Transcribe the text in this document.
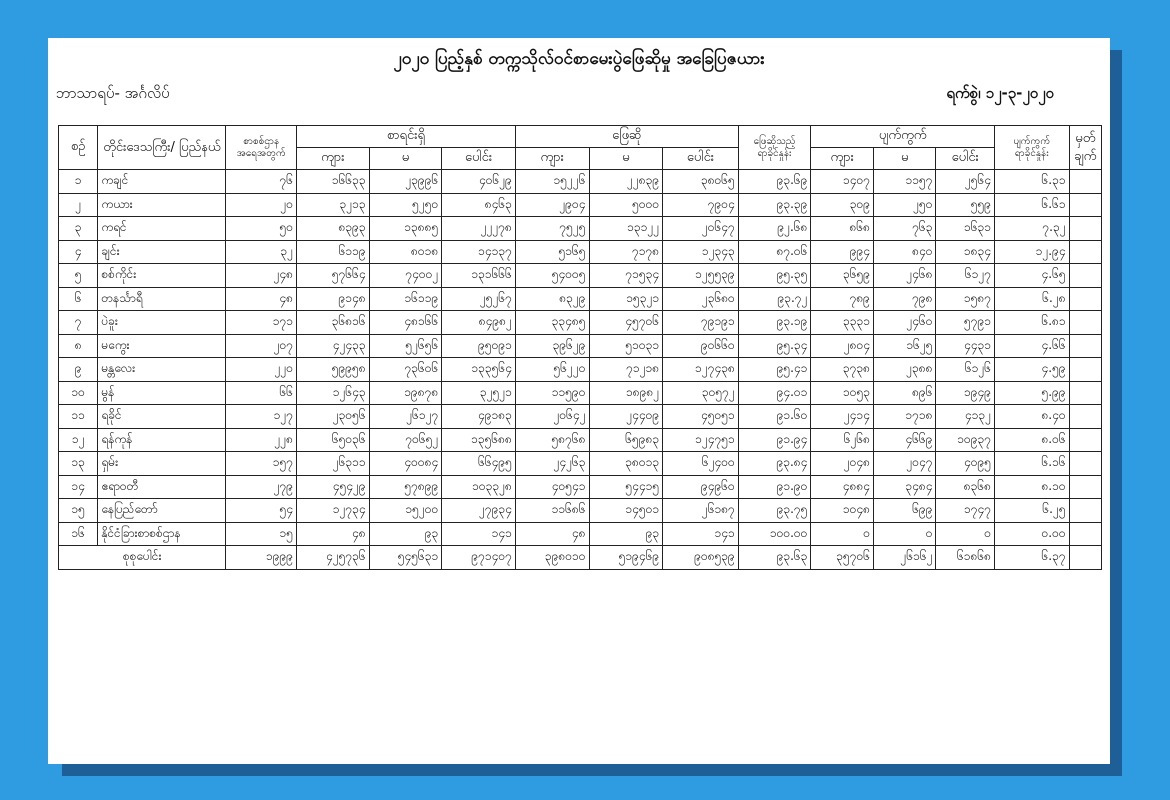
၂၀၂၀ ပြည့်နှစ် တက္ကသိုလ်ဝင်စာမေးပွဲဖြေဆိုမှု အခြေပြဇယား
ဘာသာရပ်- အင်္ဂလိပ်	ရက်စွဲ၊ ၁၂-၃-၂၀၂၀
စဉ်	တိုင်းဒေသကြီး/ ပြည်နယ်	စာစစ်ဌာန အရေအတွက်	စာရင်းရှိ			ဖြေဆို			ဖြေဆိုသည့် ရာခိုင်နှုန်း	ပျက်ကွက်			ပျက်ကွက် ရာခိုင်နှုန်း	မှတ် ချက်
			ကျား	မ	ပေါင်း	ကျား	မ	ပေါင်း		ကျား	မ	ပေါင်း		
၁	ကချင်	၇၆	၁၆၆၃၃	၂၃၉၉၆	၄၀၆၂၉	၁၅၂၂၆	၂၂၈၃၉	၃၈၀၆၅	၉၃.၆၉	၁၄၀၇	၁၁၅၇	၂၅၆၄	၆.၃၁	
၂	ကယား	၂၀	၃၂၁၃	၅၂၅၀	၈၄၆၃	၂၉၀၄	၅၀၀၀	၇၉၀၄	၉၃.၃၉	၃၀၉	၂၅၀	၅၅၉	၆.၆၁	
၃	ကရင်	၅၀	၈၃၉၃	၁၃၈၈၅	၂၂၂၇၈	၇၅၂၅	၁၃၁၂၂	၂၀၆၄၇	၉၂.၆၈	၈၆၈	၇၆၃	၁၆၃၁	၇.၃၂	
၄	ချင်း	၃၂	၆၁၁၉	၈၀၁၈	၁၄၁၃၇	၅၁၆၅	၇၁၇၈	၁၂၃၄၃	၈၇.၀၆	၉၉၄	၈၄၀	၁၈၃၄	၁၂.၉၄	
၅	စစ်ကိုင်း	၂၄၈	၅၇၆၆၄	၇၄၀၀၂	၁၃၁၆၆၆	၅၄၀၀၅	၇၁၅၃၄	၁၂၅၅၃၉	၉၅.၃၅	၃၆၅၉	၂၄၆၈	၆၁၂၇	၄.၆၅	
၆	တနင်္သာရီ	၄၈	၉၁၄၈	၁၆၁၁၉	၂၅၂၆၇	၈၃၂၉	၁၅၃၂၁	၂၃၆၈၀	၉၃.၇၂	၇၈၉	၇၉၈	၁၅၈၇	၆.၂၈	
၇	ပဲခူး	၁၇၁	၃၆၈၁၆	၄၈၁၆၆	၈၄၉၈၂	၃၃၄၈၅	၄၅၇၀၆	၇၉၁၉၁	၉၃.၁၉	၃၃၃၁	၂၄၆၀	၅၇၉၁	၆.၈၁	
၈	မကွေး	၂၀၇	၄၂၄၃၃	၅၂၆၅၆	၉၅၀၉၁	၃၉၆၂၉	၅၁၀၃၁	၉၀၆၆၀	၉၅.၃၄	၂၈၀၄	၁၆၂၅	၄၄၃၁	၄.၆၆	
၉	မန္တလေး	၂၂၀	၅၉၉၅၈	၇၃၆၀၆	၁၃၃၅၆၄	၅၆၂၂၀	၇၁၂၁၈	၁၂၇၄၃၈	၉၅.၄၁	၃၇၃၈	၂၃၈၈	၆၁၂၆	၄.၅၉	
၁၀	မွန်	၆၆	၁၂၆၄၃	၁၉၈၇၈	၃၂၅၂၁	၁၁၅၉၀	၁၈၉၈၂	၃၀၅၇၂	၉၄.၀၁	၁၀၅၃	၈၉၆	၁၉၄၉	၅.၉၉	
၁၁	ရခိုင်	၁၂၇	၂၃၀၅၆	၂၆၁၂၇	၄၉၁၈၃	၂၀၆၄၂	၂၄၄၀၉	၄၅၀၅၁	၉၁.၆၀	၂၄၁၄	၁၇၁၈	၄၁၃၂	၈.၄၀	
၁၂	ရန်ကုန်	၂၂၈	၆၅၀၃၆	၇၀၆၅၂	၁၃၅၆၈၈	၅၈၇၆၈	၆၅၉၈၃	၁၂၄၇၅၁	၉၁.၉၄	၆၂၆၈	၄၆၆၉	၁၀၉၃၇	၈.၀၆	
၁၃	ရှမ်း	၁၅၇	၂၆၃၁၁	၄၀၀၈၄	၆၆၄၉၅	၂၄၂၆၃	၃၈၀၁၃	၆၂၄၀၀	၉၃.၈၄	၂၀၄၈	၂၀၄၇	၄၀၉၅	၆.၁၆	
၁၄	ဧရာဝတီ	၂၇၉	၄၅၄၂၉	၅၇၈၉၉	၁၀၃၃၂၈	၄၀၅၄၁	၅၄၄၁၅	၉၄၉၆၀	၉၁.၉၀	၄၈၈၄	၃၄၈၄	၈၃၆၈	၈.၁၀	
၁၅	နေပြည်တော်	၅၄	၁၂၇၃၄	၁၅၂၀၀	၂၇၉၃၄	၁၁၆၈၆	၁၄၅၀၁	၂၆၁၈၇	၉၃.၇၅	၁၀၄၈	၆၉၉	၁၇၄၇	၆.၂၅	
၁၆	နိုင်ငံခြားစာစစ်ဌာန	၁၅	၄၈	၉၃	၁၄၁	၄၈	၉၃	၁၄၁	၁၀၀.၀၀	၀	၀	၀	၀.၀၀	
စုစုပေါင်း		၁၉၉၉	၄၂၅၇၃၆	၅၄၅၆၃၁	၉၇၁၄၀၇	၃၉၈၀၁၀	၅၁၉၄၆၉	၉၀၈၅၃၉	၉၃.၆၃	၃၅၇၀၆	၂၆၁၆၂	၆၁၈၆၈	၆.၃၇	
